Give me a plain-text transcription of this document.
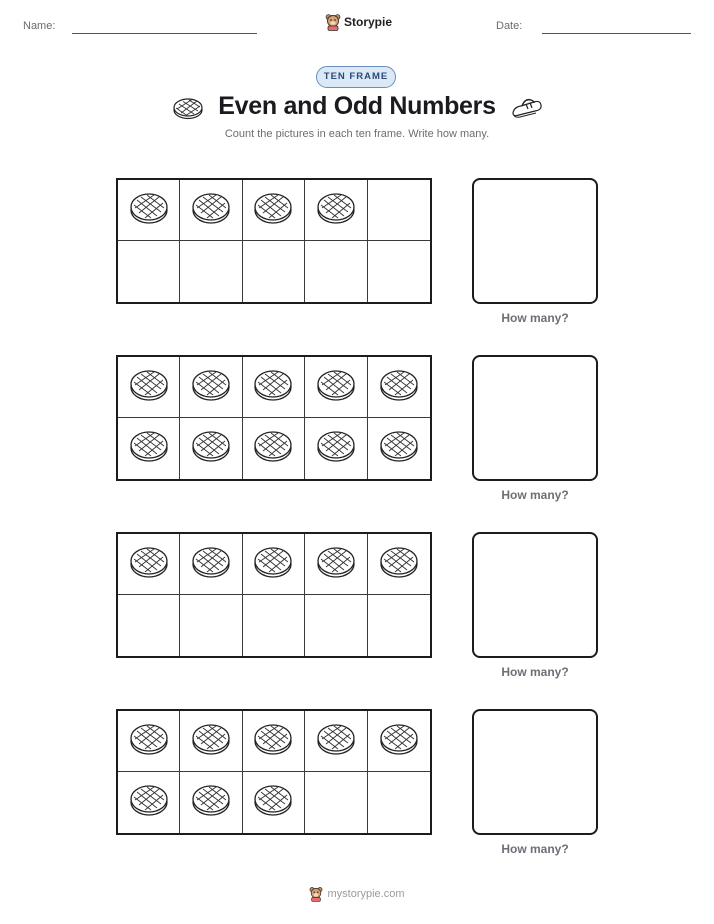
Name:	Storypie	Date:
TEN FRAME
Even and Odd Numbers
Count the pictures in each ten frame. Write how many.
How many?
How many?
How many?
How many?
mystorypie.com
